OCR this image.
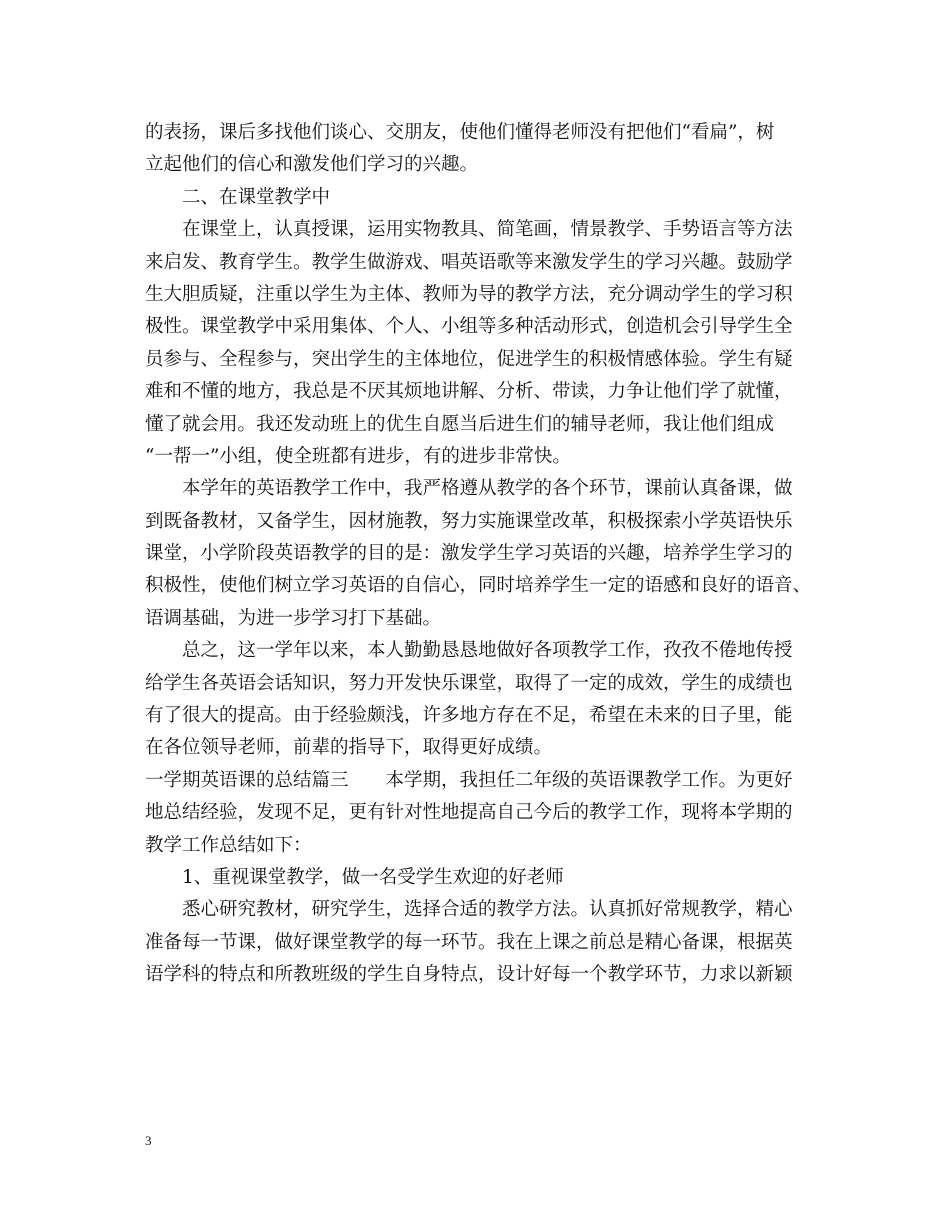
的表扬，课后多找他们谈心、交朋友，使他们懂得老师没有把他们“看扁”，树
立起他们的信心和激发他们学习的兴趣。
　　二、在课堂教学中
　　在课堂上，认真授课，运用实物教具、简笔画，情景教学、手势语言等方法
来启发、教育学生。教学生做游戏、唱英语歌等来激发学生的学习兴趣。鼓励学
生大胆质疑，注重以学生为主体、教师为导的教学方法，充分调动学生的学习积
极性。课堂教学中采用集体、个人、小组等多种活动形式，创造机会引导学生全
员参与、全程参与，突出学生的主体地位，促进学生的积极情感体验。学生有疑
难和不懂的地方，我总是不厌其烦地讲解、分析、带读，力争让他们学了就懂，
懂了就会用。我还发动班上的优生自愿当后进生们的辅导老师，我让他们组成
“一帮一”小组，使全班都有进步，有的进步非常快。
　　本学年的英语教学工作中，我严格遵从教学的各个环节，课前认真备课，做
到既备教材，又备学生，因材施教，努力实施课堂改革，积极探索小学英语快乐
课堂，小学阶段英语教学的目的是：激发学生学习英语的兴趣，培养学生学习的
积极性，使他们树立学习英语的自信心，同时培养学生一定的语感和良好的语音、
语调基础，为进一步学习打下基础。
　　总之，这一学年以来，本人勤勤恳恳地做好各项教学工作，孜孜不倦地传授
给学生各英语会话知识，努力开发快乐课堂，取得了一定的成效，学生的成绩也
有了很大的提高。由于经验颇浅，许多地方存在不足，希望在未来的日子里，能
在各位领导老师，前辈的指导下，取得更好成绩。
一学期英语课的总结篇三　　本学期，我担任二年级的英语课教学工作。为更好
地总结经验，发现不足，更有针对性地提高自己今后的教学工作，现将本学期的
教学工作总结如下：
　　1、重视课堂教学，做一名受学生欢迎的好老师
　　悉心研究教材，研究学生，选择合适的教学方法。认真抓好常规教学，精心
准备每一节课，做好课堂教学的每一环节。我在上课之前总是精心备课，根据英
语学科的特点和所教班级的学生自身特点，设计好每一个教学环节，力求以新颖
3
